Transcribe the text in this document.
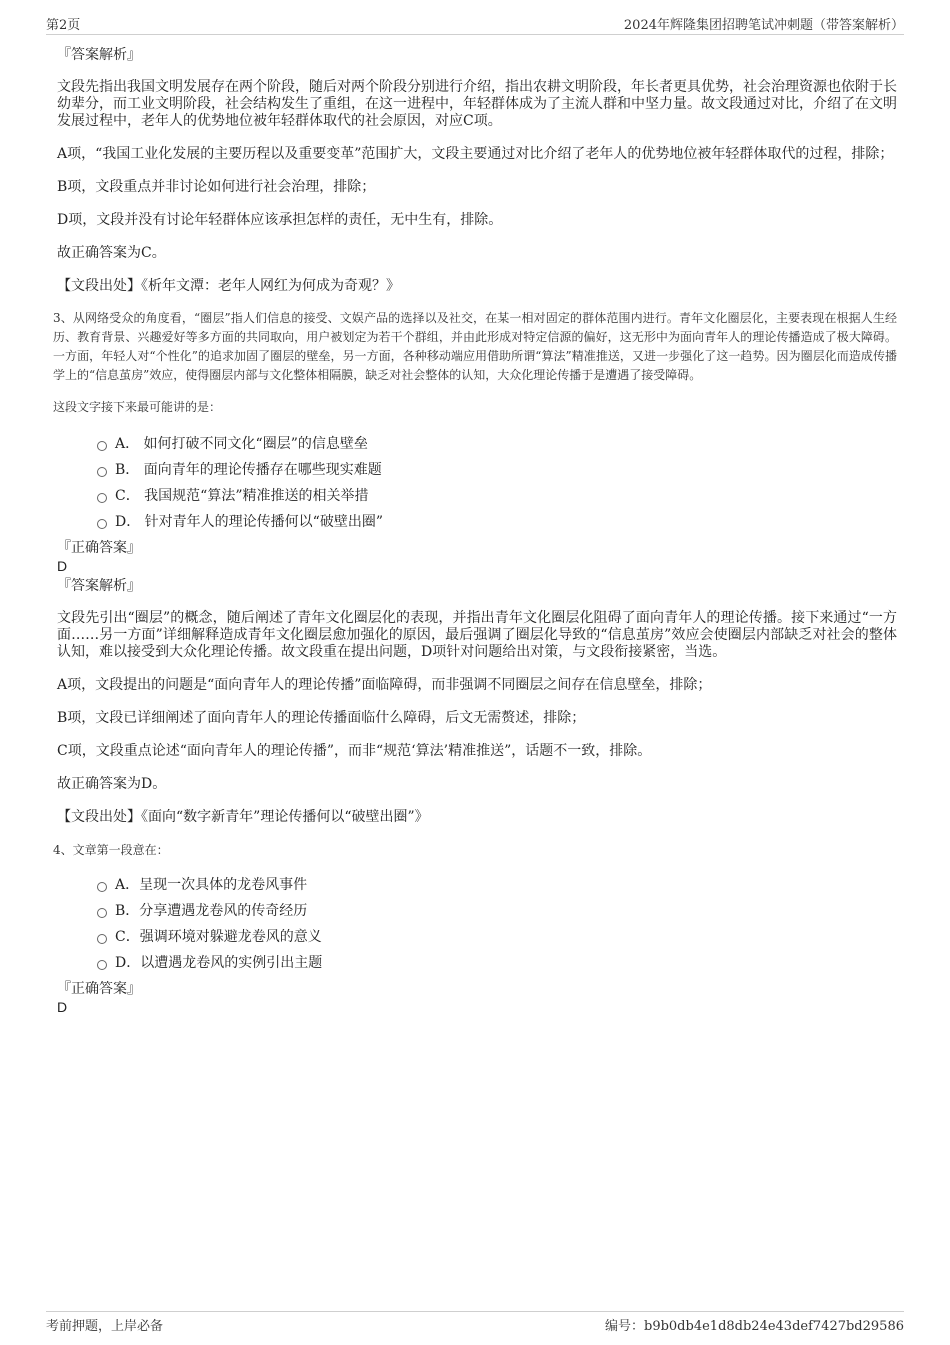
第2页	2024年辉隆集团招聘笔试冲刺题（带答案解析）

『答案解析』

文段先指出我国文明发展存在两个阶段，随后对两个阶段分别进行介绍，指出农耕文明阶段，年长者更具优势，社会治理资源也依附于长幼辈分，而工业文明阶段，社会结构发生了重组，在这一进程中，年轻群体成为了主流人群和中坚力量。故文段通过对比，介绍了在文明发展过程中，老年人的优势地位被年轻群体取代的社会原因，对应C项。

A项，“我国工业化发展的主要历程以及重要变革”范围扩大，文段主要通过对比介绍了老年人的优势地位被年轻群体取代的过程，排除；

B项，文段重点并非讨论如何进行社会治理，排除；

D项，文段并没有讨论年轻群体应该承担怎样的责任，无中生有，排除。

故正确答案为C。

【文段出处】《析年文潭：老年人网红为何成为奇观？》

3、从网络受众的角度看，“圈层”指人们信息的接受、文娱产品的选择以及社交，在某一相对固定的群体范围内进行。青年文化圈层化，主要表现在根据人生经历、教育背景、兴趣爱好等多方面的共同取向，用户被划定为若干个群组，并由此形成对特定信源的偏好，这无形中为面向青年人的理论传播造成了极大障碍。一方面，年轻人对“个性化”的追求加固了圈层的壁垒，另一方面，各种移动端应用借助所谓“算法”精准推送，又进一步强化了这一趋势。因为圈层化而造成传播学上的“信息茧房”效应，使得圈层内部与文化整体相隔膜，缺乏对社会整体的认知，大众化理论传播于是遭遇了接受障碍。

这段文字接下来最可能讲的是：

A． 如何打破不同文化“圈层”的信息壁垒
B． 面向青年的理论传播存在哪些现实难题
C． 我国规范“算法”精准推送的相关举措
D． 针对青年人的理论传播何以“破壁出圈”

『正确答案』

D

『答案解析』

文段先引出“圈层”的概念，随后阐述了青年文化圈层化的表现，并指出青年文化圈层化阻碍了面向青年人的理论传播。接下来通过“一方面……另一方面”详细解释造成青年文化圈层愈加强化的原因，最后强调了圈层化导致的“信息茧房”效应会使圈层内部缺乏对社会的整体认知，难以接受到大众化理论传播。故文段重在提出问题，D项针对问题给出对策，与文段衔接紧密，当选。

A项，文段提出的问题是“面向青年人的理论传播”面临障碍，而非强调不同圈层之间存在信息壁垒，排除；

B项，文段已详细阐述了面向青年人的理论传播面临什么障碍，后文无需赘述，排除；

C项，文段重点论述“面向青年人的理论传播”，而非“规范‘算法’精准推送”，话题不一致，排除。

故正确答案为D。

【文段出处】《面向“数字新青年”理论传播何以“破壁出圈”》

4、文章第一段意在：

A．呈现一次具体的龙卷风事件
B．分享遭遇龙卷风的传奇经历
C．强调环境对躲避龙卷风的意义
D．以遭遇龙卷风的实例引出主题

『正确答案』

D

考前押题，上岸必备	编号：b9b0db4e1d8db24e43def7427bd29586
